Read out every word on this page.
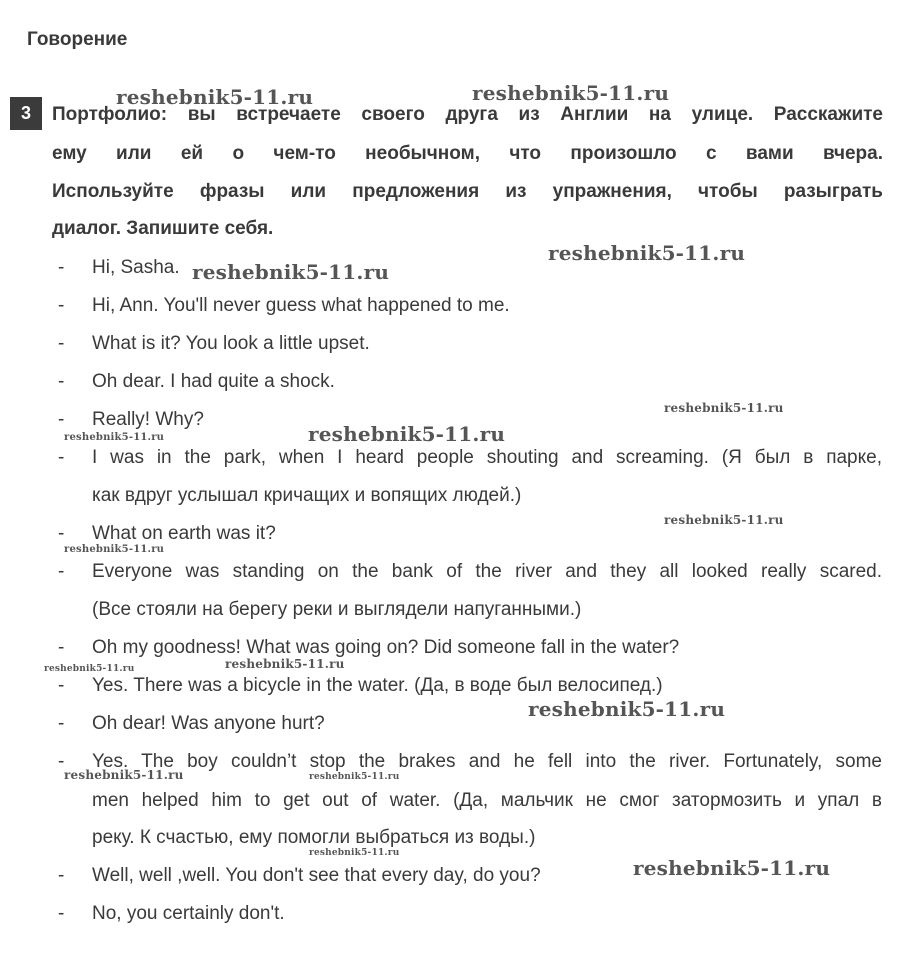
Говорение
3	Портфолио: вы встречаете своего друга из Англии на улице. Расскажите
ему или ей о чем-то необычном, что произошло с вами вчера.
Используйте фразы или предложения из упражнения, чтобы разыграть
диалог. Запишите себя.
-
-
-
-
-
-
-
-
-
-
-
-
-
-
Hi, Sasha.
Hi, Ann. You'll never guess what happened to me.
What is it? You look a little upset.
Oh dear. I had quite a shock.
Really! Why?
I was in the park, when I heard people shouting and screaming. (Я был в парке,
как вдруг услышал кричащих и вопящих людей.)
What on earth was it?
Everyone was standing on the bank of the river and they all looked really scared.
(Все стояли на берегу реки и выглядели напуганными.)
Oh my goodness! What was going on? Did someone fall in the water?
Yes. There was a bicycle in the water. (Да, в воде был велосипед.)
Oh dear! Was anyone hurt?
Yes. The boy couldn’t stop the brakes and he fell into the river. Fortunately, some
men helped him to get out of water. (Да, мальчик не смог затормозить и упал в
реку. К счастью, ему помогли выбраться из воды.)
Well, well ,well. You don't see that every day, do you?
No, you certainly don't.
reshebnik5-11.ru	reshebnik5-11.ru
reshebnik5-11.ru
reshebnik5-11.ru
reshebnik5-11.ru
reshebnik5-11.ru
reshebnik5-11.ru
reshebnik5-11.ru
reshebnik5-11.ru
reshebnik5-11.ru
reshebnik5-11.ru
reshebnik5-11.ru
reshebnik5-11.ru	reshebnik5-11.ru
reshebnik5-11.ru
reshebnik5-11.ru
